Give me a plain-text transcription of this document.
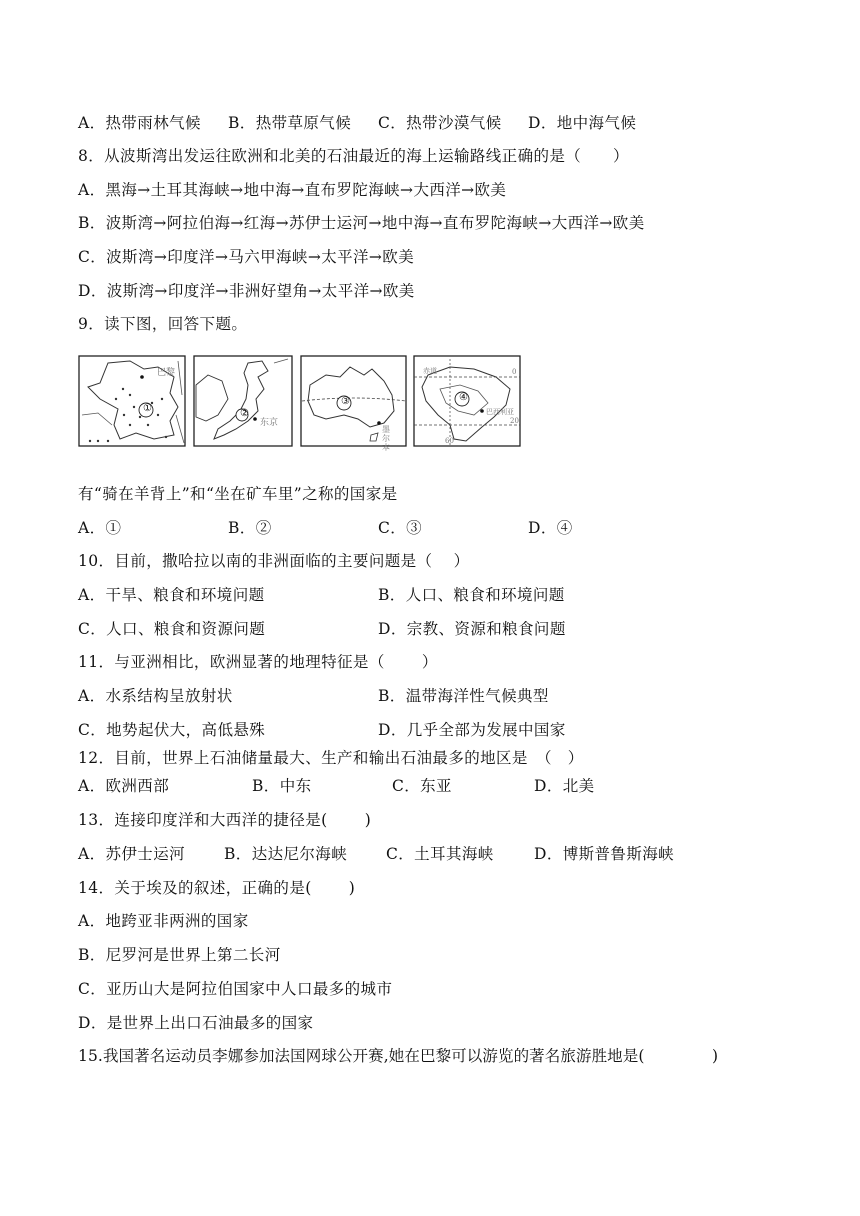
A．热带雨林气候 B．热带草原气候 C．热带沙漠气候 D．地中海气候
8．从波斯湾出发运往欧洲和北美的石油最近的海上运输路线正确的是（　　）
A．黑海→土耳其海峡→地中海→直布罗陀海峡→大西洋→欧美
B．波斯湾→阿拉伯海→红海→苏伊士运河→地中海→直布罗陀海峡→大西洋→欧美
C．波斯湾→印度洋→马六甲海峡→太平洋→欧美
D．波斯湾→印度洋→非洲好望角→太平洋→欧美
9．读下图，回答下题。
巴黎
①	②
东京
③
墨尔本
④
巴西利亚
赤道	0
20
60
有“骑在羊背上”和“坐在矿车里”之称的国家是
A．①	B．②	C．③	D．④
10．目前，撒哈拉以南的非洲面临的主要问题是（　 ）
A．干旱、粮食和环境问题	B．人口、粮食和环境问题
C．人口、粮食和资源问题	D．宗教、资源和粮食问题
11．与亚洲相比，欧洲显著的地理特征是（　　 ）
A．水系结构呈放射状	B．温带海洋性气候典型
C．地势起伏大，高低悬殊	D．几乎全部为发展中国家
12．目前，世界上石油储量最大、生产和输出石油最多的地区是　（　）
A．欧洲西部	B．中东	C．东亚	D．北美
13．连接印度洋和大西洋的捷径是(　　 )
A．苏伊士运河	B．达达尼尔海峡	C．土耳其海峡	D．博斯普鲁斯海峡
14．关于埃及的叙述，正确的是(　　 )
A．地跨亚非两洲的国家
B．尼罗河是世界上第二长河
C．亚历山大是阿拉伯国家中人口最多的城市
D．是世界上出口石油最多的国家
15.我国著名运动员李娜参加法国网球公开赛,她在巴黎可以游览的著名旅游胜地是(　　　　 )
